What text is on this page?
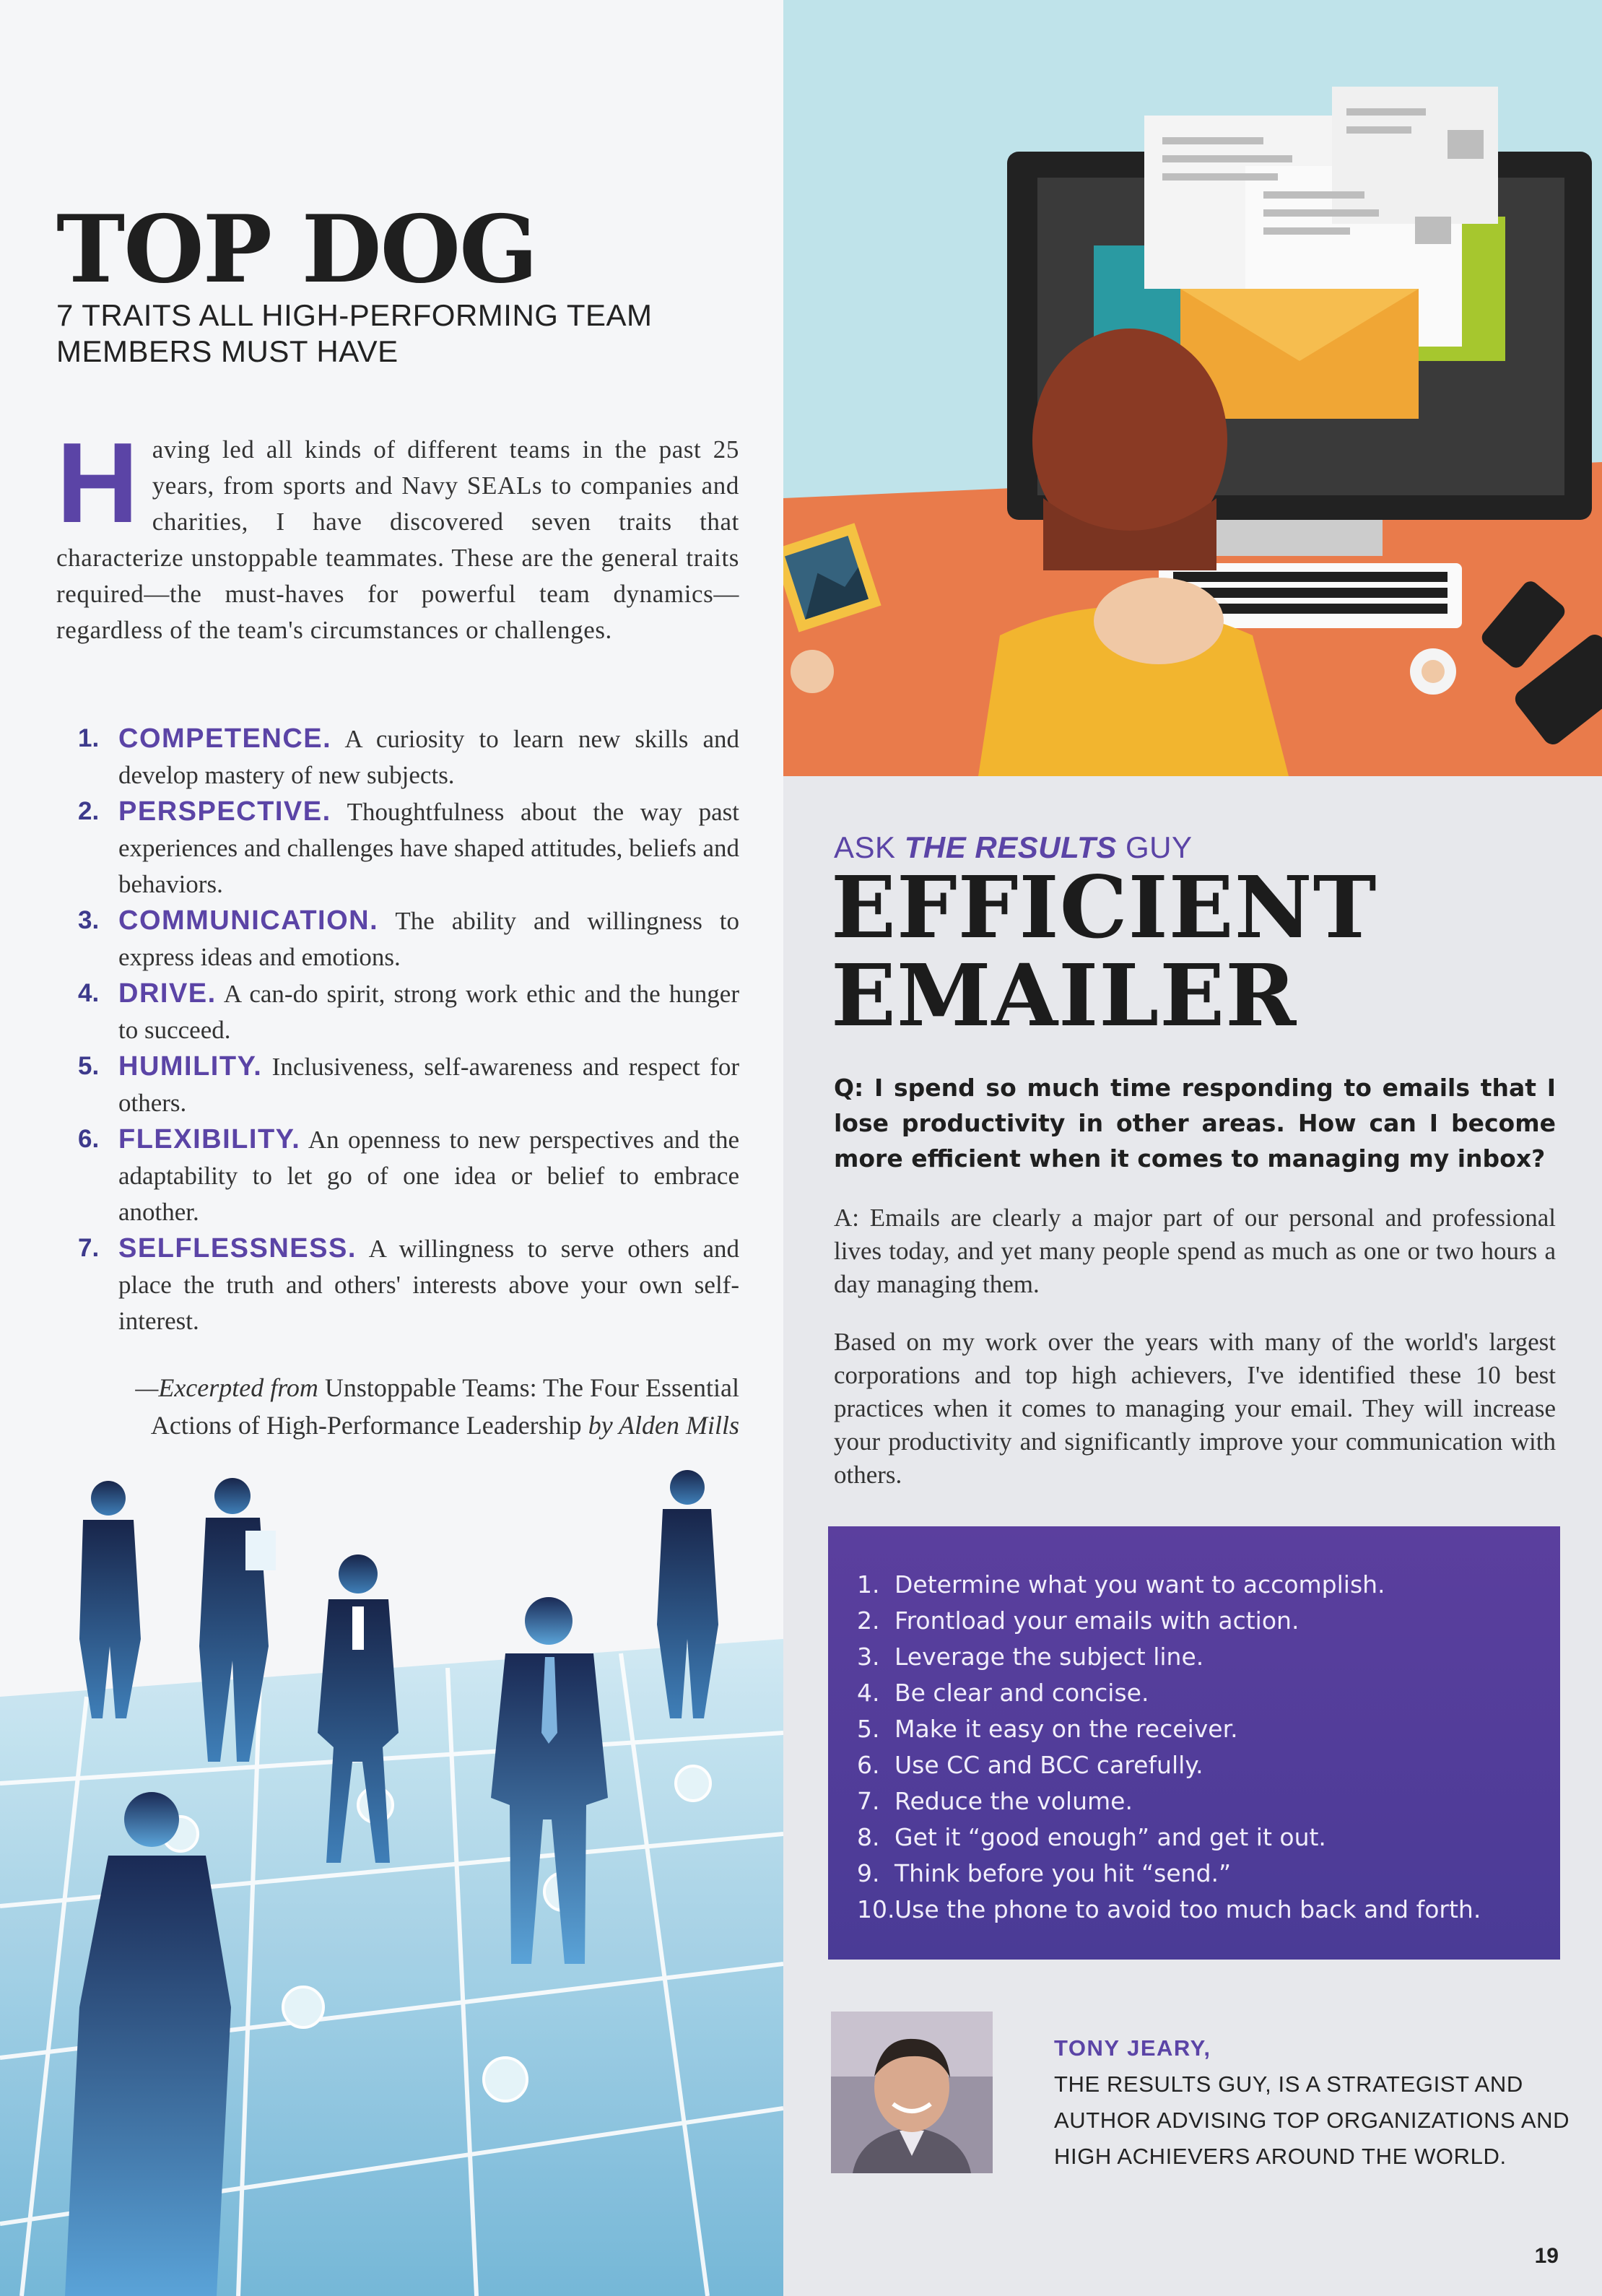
TOP DOG
7 TRAITS ALL HIGH-PERFORMING TEAM MEMBERS MUST HAVE

Having led all kinds of different teams in the past 25 years, from sports and Navy SEALs to companies and charities, I have discovered seven traits that characterize unstoppable teammates. These are the general traits required—the must-haves for powerful team dynamics—regardless of the team's circumstances or challenges.

1. COMPETENCE. A curiosity to learn new skills and develop mastery of new subjects.
2. PERSPECTIVE. Thoughtfulness about the way past experiences and challenges have shaped attitudes, beliefs and behaviors.
3. COMMUNICATION. The ability and willingness to express ideas and emotions.
4. DRIVE. A can-do spirit, strong work ethic and the hunger to succeed.
5. HUMILITY. Inclusiveness, self-awareness and respect for others.
6. FLEXIBILITY. An openness to new perspectives and the adaptability to let go of one idea or belief to embrace another.
7. SELFLESSNESS. A willingness to serve others and place the truth and others' interests above your own self-interest.

—Excerpted from Unstoppable Teams: The Four Essential Actions of High-Performance Leadership by Alden Mills

ASK THE RESULTS GUY
EFFICIENT
EMAILER

Q: I spend so much time responding to emails that I lose productivity in other areas. How can I become more efficient when it comes to managing my inbox?

A: Emails are clearly a major part of our personal and professional lives today, and yet many people spend as much as one or two hours a day managing them.

Based on my work over the years with many of the world's largest corporations and top high achievers, I've identified these 10 best practices when it comes to managing your email. They will increase your productivity and significantly improve your communication with others.

1. Determine what you want to accomplish.
2. Frontload your emails with action.
3. Leverage the subject line.
4. Be clear and concise.
5. Make it easy on the receiver.
6. Use CC and BCC carefully.
7. Reduce the volume.
8. Get it “good enough” and get it out.
9. Think before you hit “send.”
10. Use the phone to avoid too much back and forth.
TONY JEARY,
THE RESULTS GUY, IS A STRATEGIST AND AUTHOR ADVISING TOP ORGANIZATIONS AND HIGH ACHIEVERS AROUND THE WORLD.
19
